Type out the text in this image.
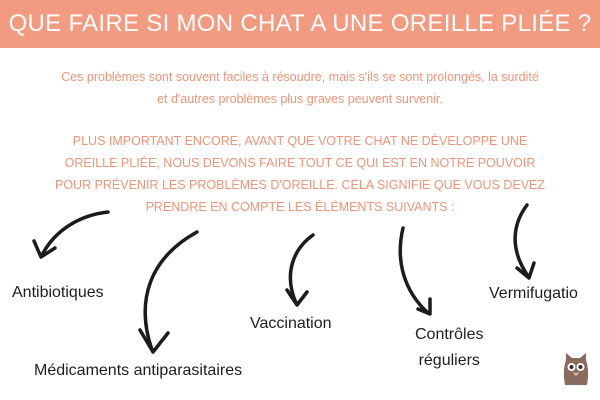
QUE FAIRE SI MON CHAT A UNE OREILLE PLIÉE ?
Ces problèmes sont souvent faciles à résoudre, mais s'ils se sont prolongés, la surdité
et d'autres problèmes plus graves peuvent survenir.
PLUS IMPORTANT ENCORE, AVANT QUE VOTRE CHAT NE DÉVELOPPE UNE
OREILLE PLIÉE, NOUS DEVONS FAIRE TOUT CE QUI EST EN NOTRE POUVOIR
POUR PRÉVENIR LES PROBLÈMES D'OREILLE. CELA SIGNIFIE QUE VOUS DEVEZ
PRENDRE EN COMPTE LES ÉLÉMENTS SUIVANTS :
Antibiotiques
Médicaments antiparasitaires
Vaccination
Contrôles
réguliers
Vermifugatio
